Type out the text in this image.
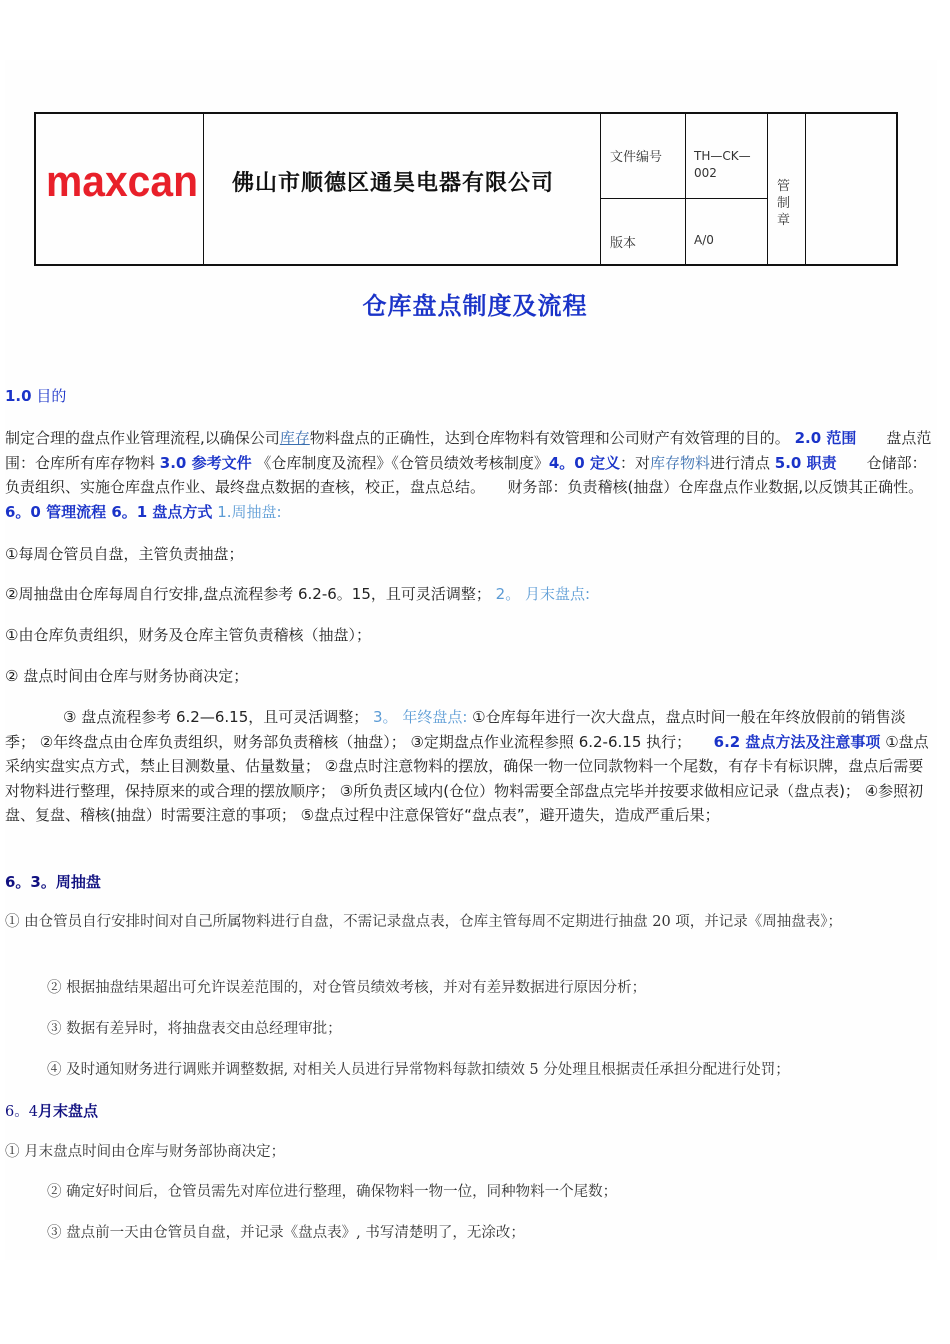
maxcan 佛山市顺德区通昊电器有限公司
文件编号	TH—CK—002
版本	A/0
管制章
仓库盘点制度及流程
1.0 目的
制定合理的盘点作业管理流程,以确保公司库存物料盘点的正确性，达到仓库物料有效管理和公司财产有效管理的目的。 2.0 范围　　盘点范围：仓库所有库存物料 3.0 参考文件 《仓库制度及流程》《仓管员绩效考核制度》4。0 定义：对库存物料进行清点 5.0 职责　　仓储部：负责组织、实施仓库盘点作业、最终盘点数据的查核，校正，盘点总结。　　财务部：负责稽核(抽盘）仓库盘点作业数据,以反馈其正确性。 6。0 管理流程 6。1 盘点方式 1.周抽盘:
①每周仓管员自盘，主管负责抽盘；
②周抽盘由仓库每周自行安排,盘点流程参考 6.2-6。15，且可灵活调整； 2。 月末盘点:
①由仓库负责组织，财务及仓库主管负责稽核（抽盘）；
② 盘点时间由仓库与财务协商决定；
③ 盘点流程参考 6.2—6.15，且可灵活调整； 3。 年终盘点: ①仓库每年进行一次大盘点，盘点时间一般在年终放假前的销售淡季； ②年终盘点由仓库负责组织，财务部负责稽核（抽盘）； ③定期盘点作业流程参照 6.2-6.15 执行；　　6.2 盘点方法及注意事项 ①盘点采纳实盘实点方式，禁止目测数量、估量数量； ②盘点时注意物料的摆放，确保一物一位同款物料一个尾数，有存卡有标识牌，盘点后需要对物料进行整理，保持原来的或合理的摆放顺序； ③所负责区域内(仓位）物料需要全部盘点完毕并按要求做相应记录（盘点表)； ④参照初盘、复盘、稽核(抽盘）时需要注意的事项； ⑤盘点过程中注意保管好“盘点表”，避开遗失，造成严重后果；
6。3。周抽盘
① 由仓管员自行安排时间对自己所属物料进行自盘，不需记录盘点表，仓库主管每周不定期进行抽盘 20 项，并记录《周抽盘表》；
② 根据抽盘结果超出可允许误差范围的，对仓管员绩效考核，并对有差异数据进行原因分析；
③ 数据有差异时，将抽盘表交由总经理审批；
④ 及时通知财务进行调账并调整数据, 对相关人员进行异常物料每款扣绩效 5 分处理且根据责任承担分配进行处罚；
6。4月末盘点
① 月末盘点时间由仓库与财务部协商决定；
② 确定好时间后，仓管员需先对库位进行整理，确保物料一物一位，同种物料一个尾数；
③ 盘点前一天由仓管员自盘，并记录《盘点表》, 书写清楚明了，无涂改；
